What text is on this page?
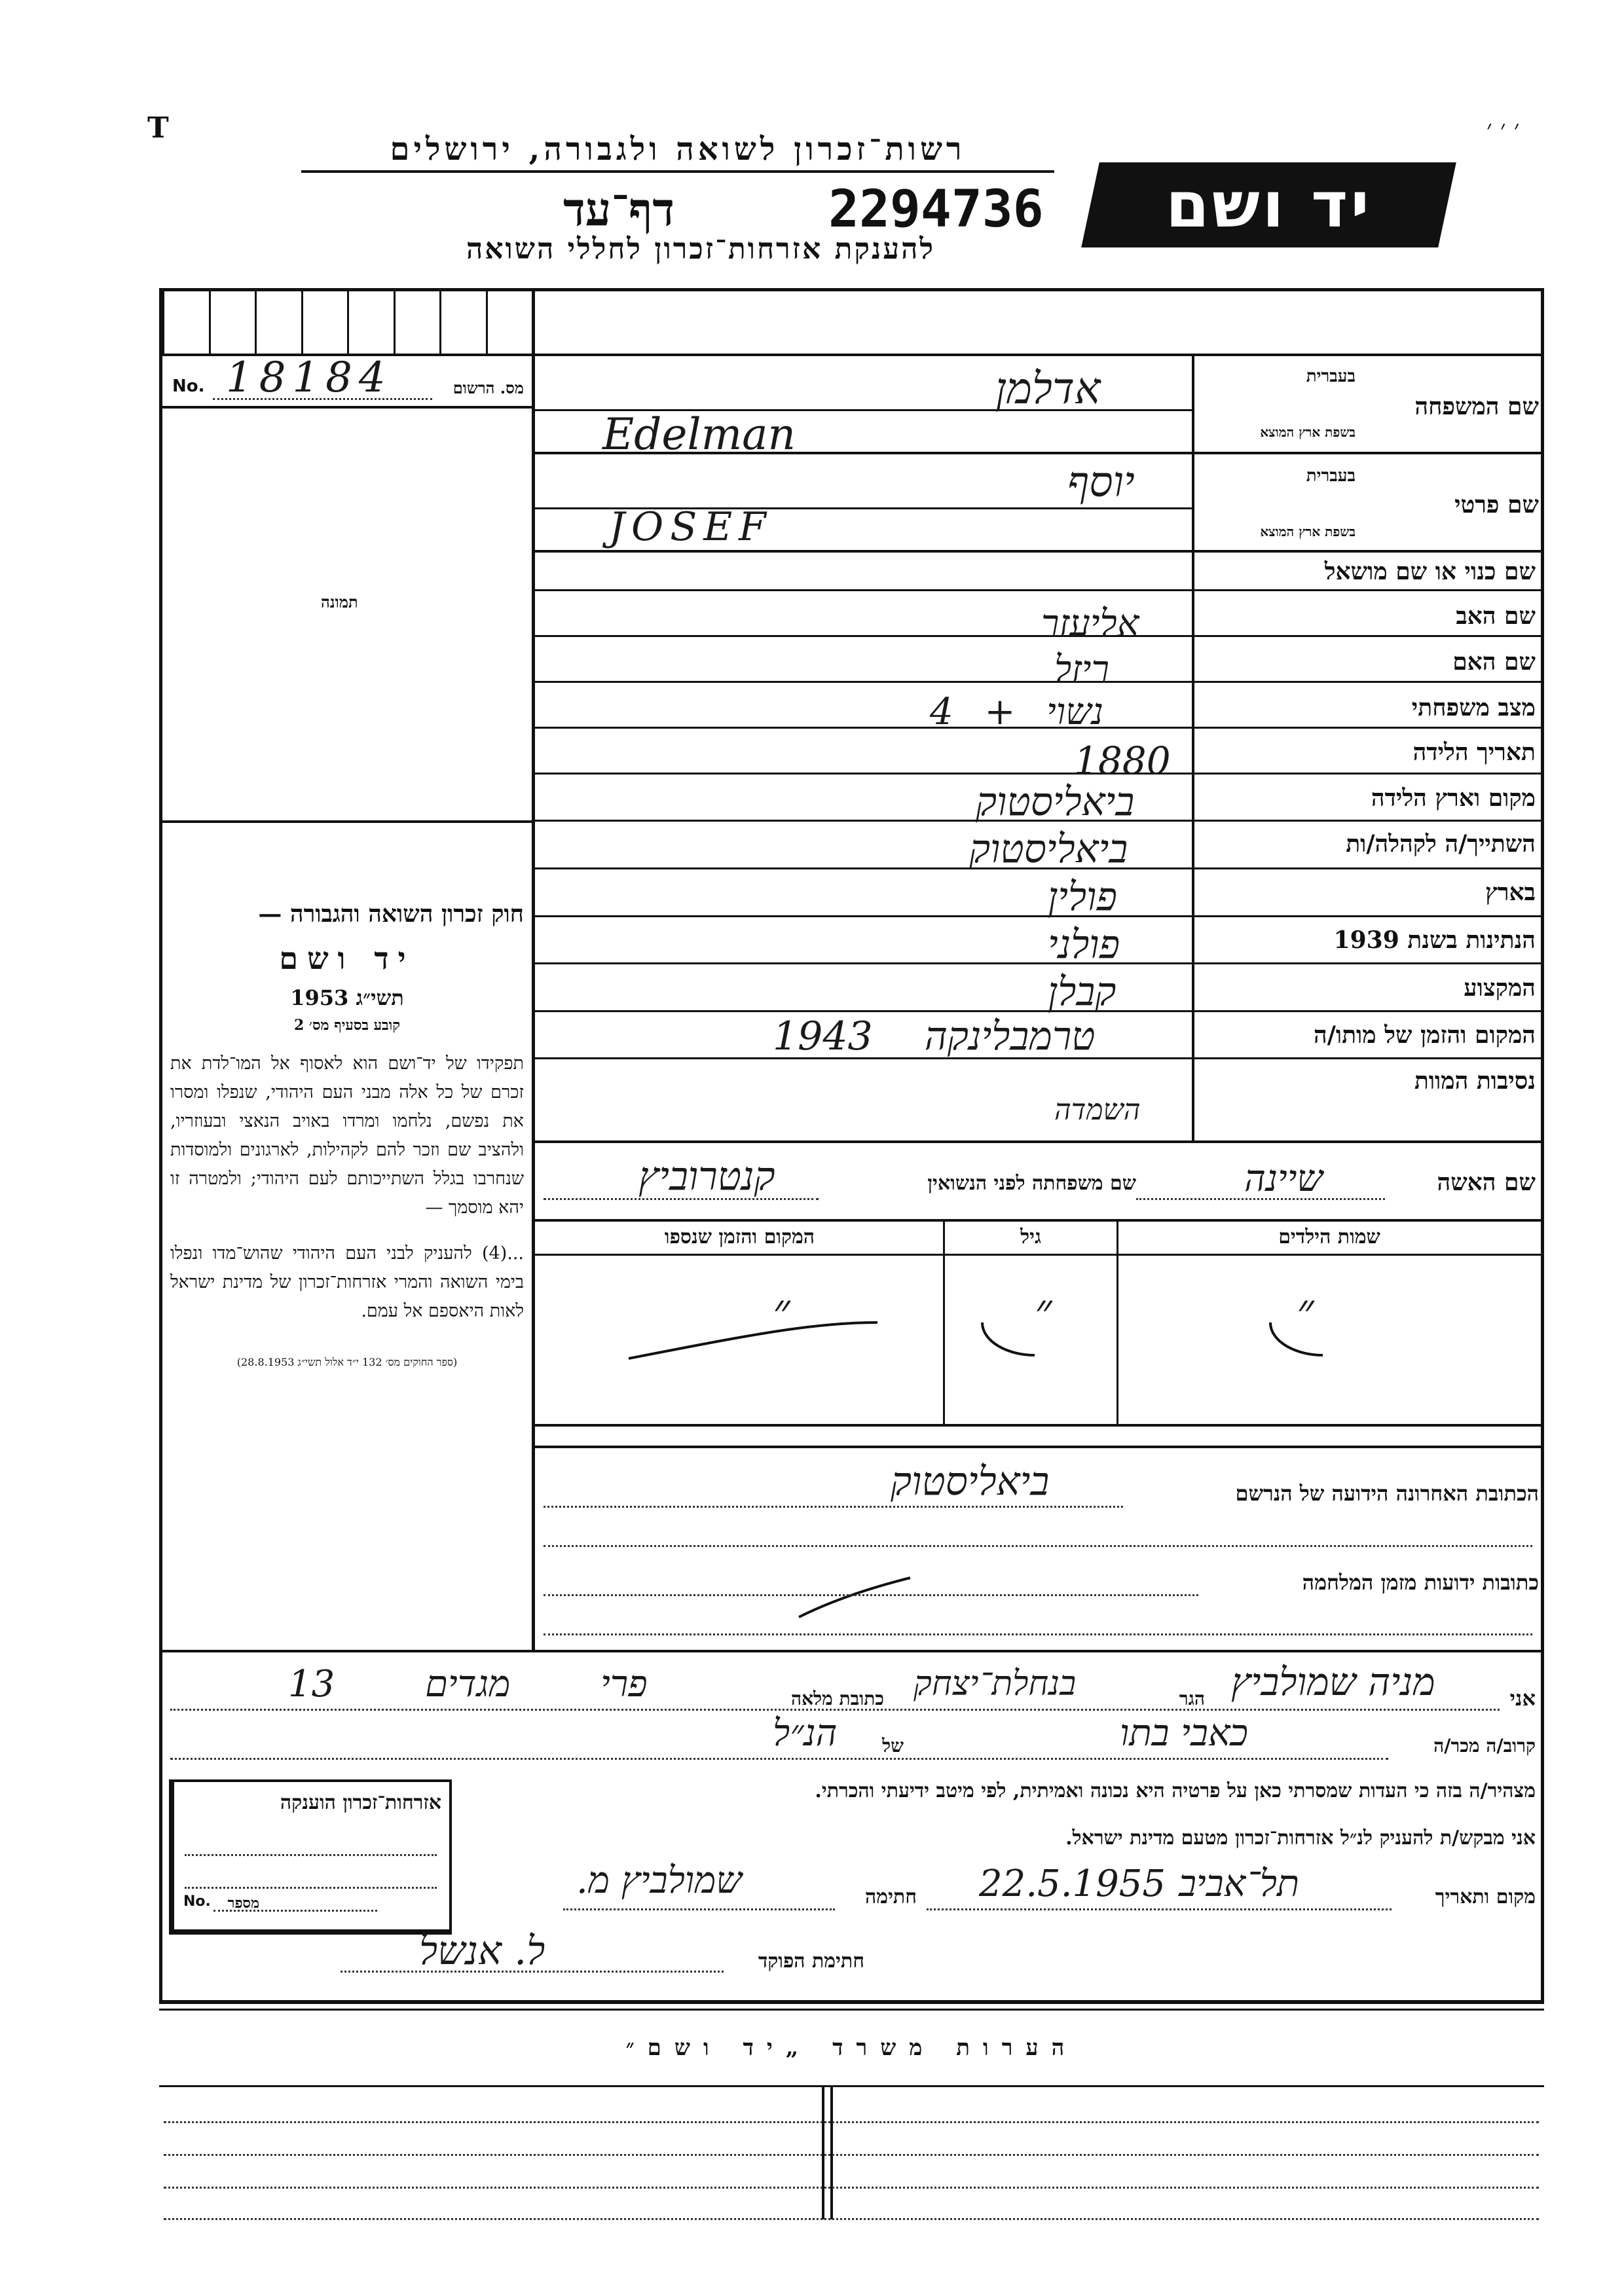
׳ ׳ ׳
T
רשות־זכרון לשואה ולגבורה, ירושלים
יד ושם
2294736
דף־עד
להענקת אזרחות־זכרון לחללי השואה
No. 18184	מס. הרשום
תמונה
חוק זכרון השואה והגבורה —
יד ושם
תשי״ג 1953
קובע בסעיף מס׳ 2
תפקידו של יד־ושם הוא לאסוף אל המו־לדת את זכרם של כל אלה מבני העם היהודי, שנפלו ומסרו את נפשם, נלחמו ומרדו באויב הנאצי ובעוזריו, ולהציב שם וזכר להם לקהילות, לארגונים ולמוסדות שנחרבו בגלל השתייכותם לעם היהודי; ולמטרה זו יהא מוסמך —
...(4) להעניק לבני העם היהודי שהוש־מדו ונפלו בימי השואה והמרי אזרחות־זכרון של מדינת ישראל לאות היאספם אל עמם.
(ספר החוקים מס׳ 132 י״ד אלול תשי״ג 28.8.1953)
שם המשפחה
בעברית
בשפת ארץ המוצא
אדלמן
Edelman
שם פרטי
בעברית
בשפת ארץ המוצא
יוסף
JOSEF
שם כנוי או שם מושאל
שם האב
אליעזר
שם האם
ריזל
מצב משפחתי
נשוי + 4
תאריך הלידה
1880
מקום וארץ הלידה
ביאליסטוק
השתייך/ה לקהלה/ות
ביאליסטוק
בארץ
פולין
הנתינות בשנת 1939
פולני
המקצוע
קבלן
המקום והזמן של מותו/ה
טרמבלינקה 1943
נסיבות המוות
השמדה
שם האשה
שיינה
שם משפחתה לפני הנשואין
קנטרוביץ
שמות הילדים
גיל
המקום והזמן שנספו
״
״
״
הכתובת האחרונה הידועה של הנרשם
ביאליסטוק
כתובות ידועות מזמן המלחמה
אני
מניה שמולביץ
הגר
בנחלת־יצחק
כתובת מלאה
פרי מגדים 13
קרוב/ה מכר/ה
כאבי בתו
של
הנ״ל
מצהיר/ה בזה כי העדות שמסרתי כאן על פרטיה היא נכונה ואמיתית, לפי מיטב ידיעתי והכרתי.
אני מבקש/ת להעניק לנ״ל אזרחות־זכרון מטעם מדינת ישראל.
מקום ותאריך
תל־אביב
22.5.1955
חתימה
שמולביץ מ.
אזרחות־זכרון הוענקה
No. מספר
חתימת הפוקד
ל. אנשל
הערות משרד „יד ושם״
